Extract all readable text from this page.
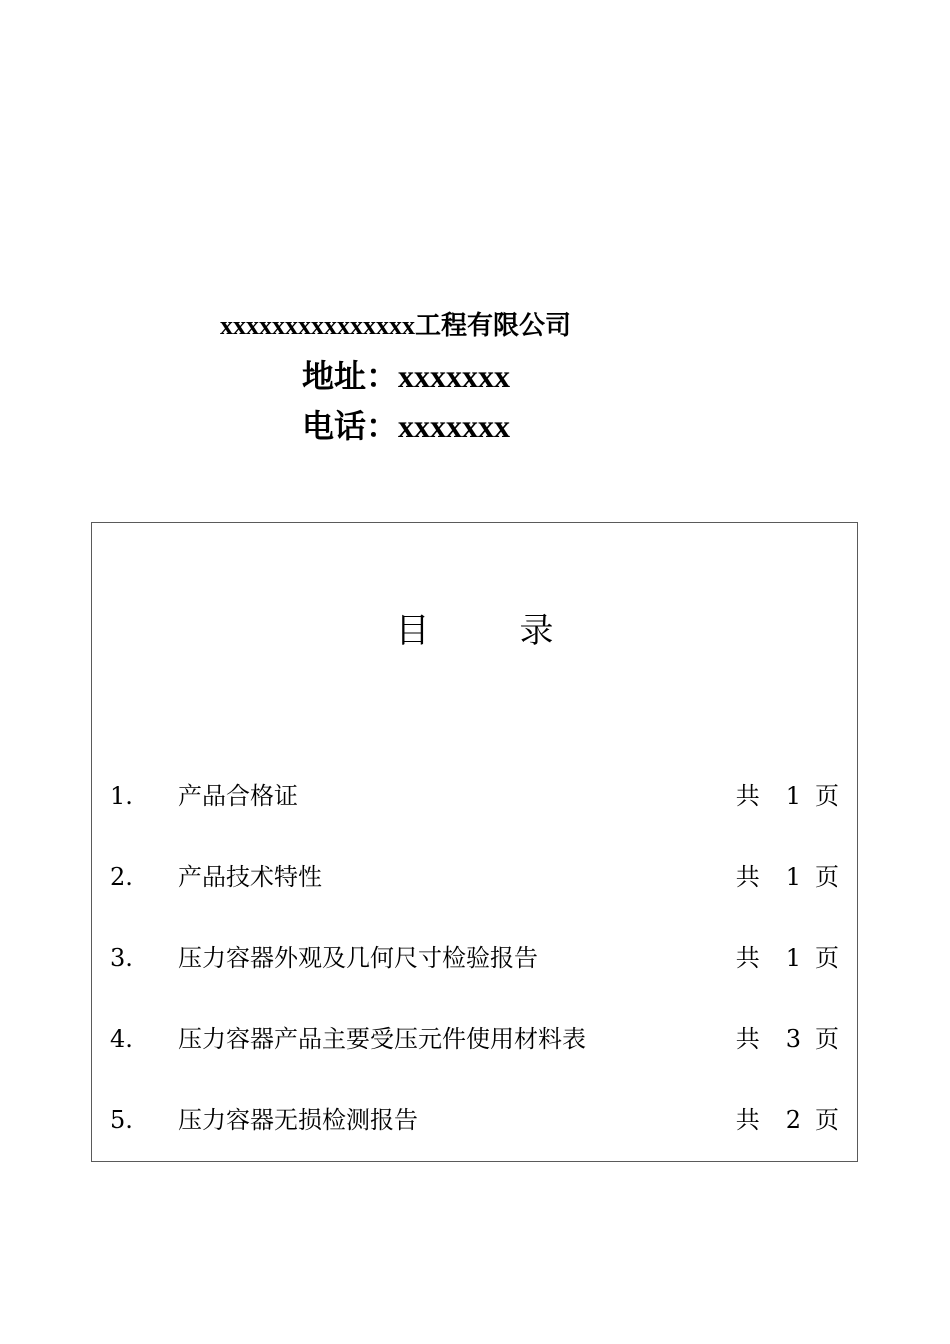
xxxxxxxxxxxxxxx工程有限公司
地址：xxxxxxx
电话：xxxxxxx
目	录
1. 产品合格证	共 1 页
2. 产品技术特性	共 1 页
3. 压力容器外观及几何尺寸检验报告	共 1 页
4. 压力容器产品主要受压元件使用材料表	共 3 页
5. 压力容器无损检测报告	共 2 页
